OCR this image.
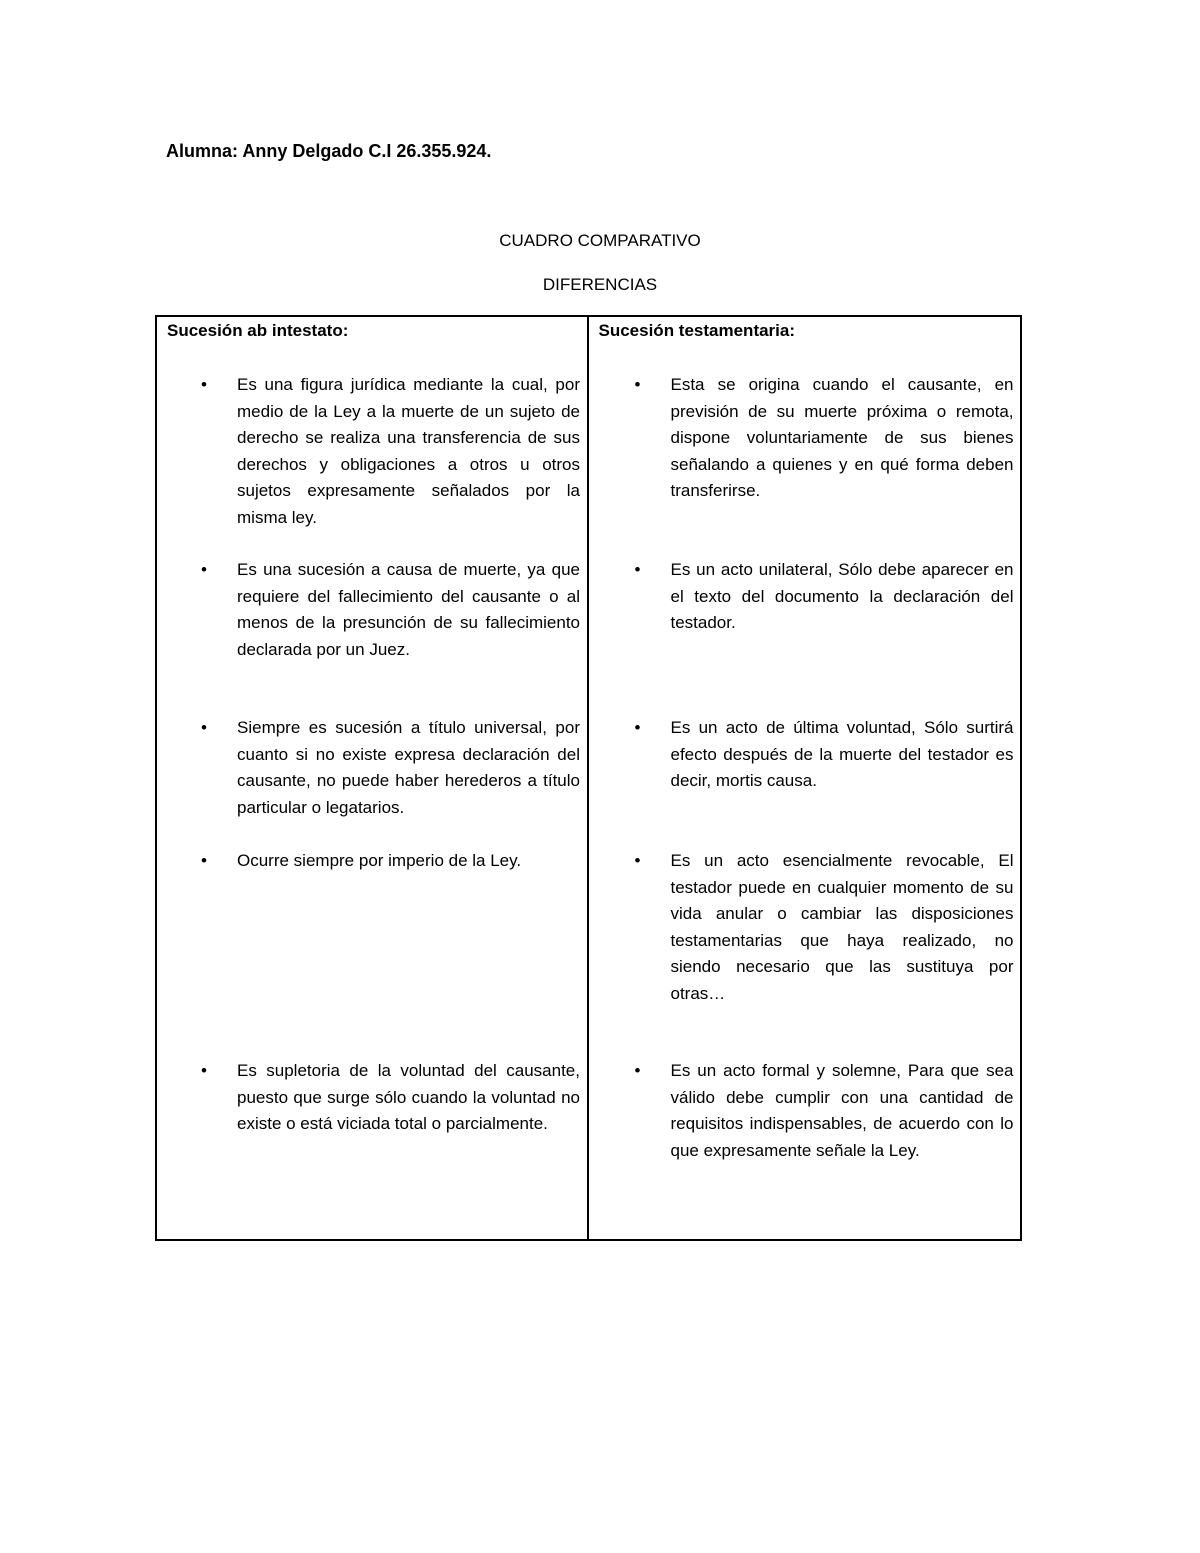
Alumna: Anny Delgado C.I 26.355.924.

CUADRO COMPARATIVO
DIFERENCIAS

Sucesión ab intestato:

• Es una figura jurídica mediante la cual, por medio de la Ley a la muerte de un sujeto de derecho se realiza una transferencia de sus derechos y obligaciones a otros u otros sujetos expresamente señalados por la misma ley.

• Es una sucesión a causa de muerte, ya que requiere del fallecimiento del causante o al menos de la presunción de su fallecimiento declarada por un Juez.

• Siempre es sucesión a título universal, por cuanto si no existe expresa declaración del causante, no puede haber herederos a título particular o legatarios.

• Ocurre siempre por imperio de la Ley.

• Es supletoria de la voluntad del causante, puesto que surge sólo cuando la voluntad no existe o está viciada total o parcialmente.

Sucesión testamentaria:

• Esta se origina cuando el causante, en previsión de su muerte próxima o remota, dispone voluntariamente de sus bienes señalando a quienes y en qué forma deben transferirse.

• Es un acto unilateral, Sólo debe aparecer en el texto del documento la declaración del testador.

• Es un acto de última voluntad, Sólo surtirá efecto después de la muerte del testador es decir, mortis causa.

• Es un acto esencialmente revocable, El testador puede en cualquier momento de su vida anular o cambiar las disposiciones testamentarias que haya realizado, no siendo necesario que las sustituya por otras…

• Es un acto formal y solemne, Para que sea válido debe cumplir con una cantidad de requisitos indispensables, de acuerdo con lo que expresamente señale la Ley.
